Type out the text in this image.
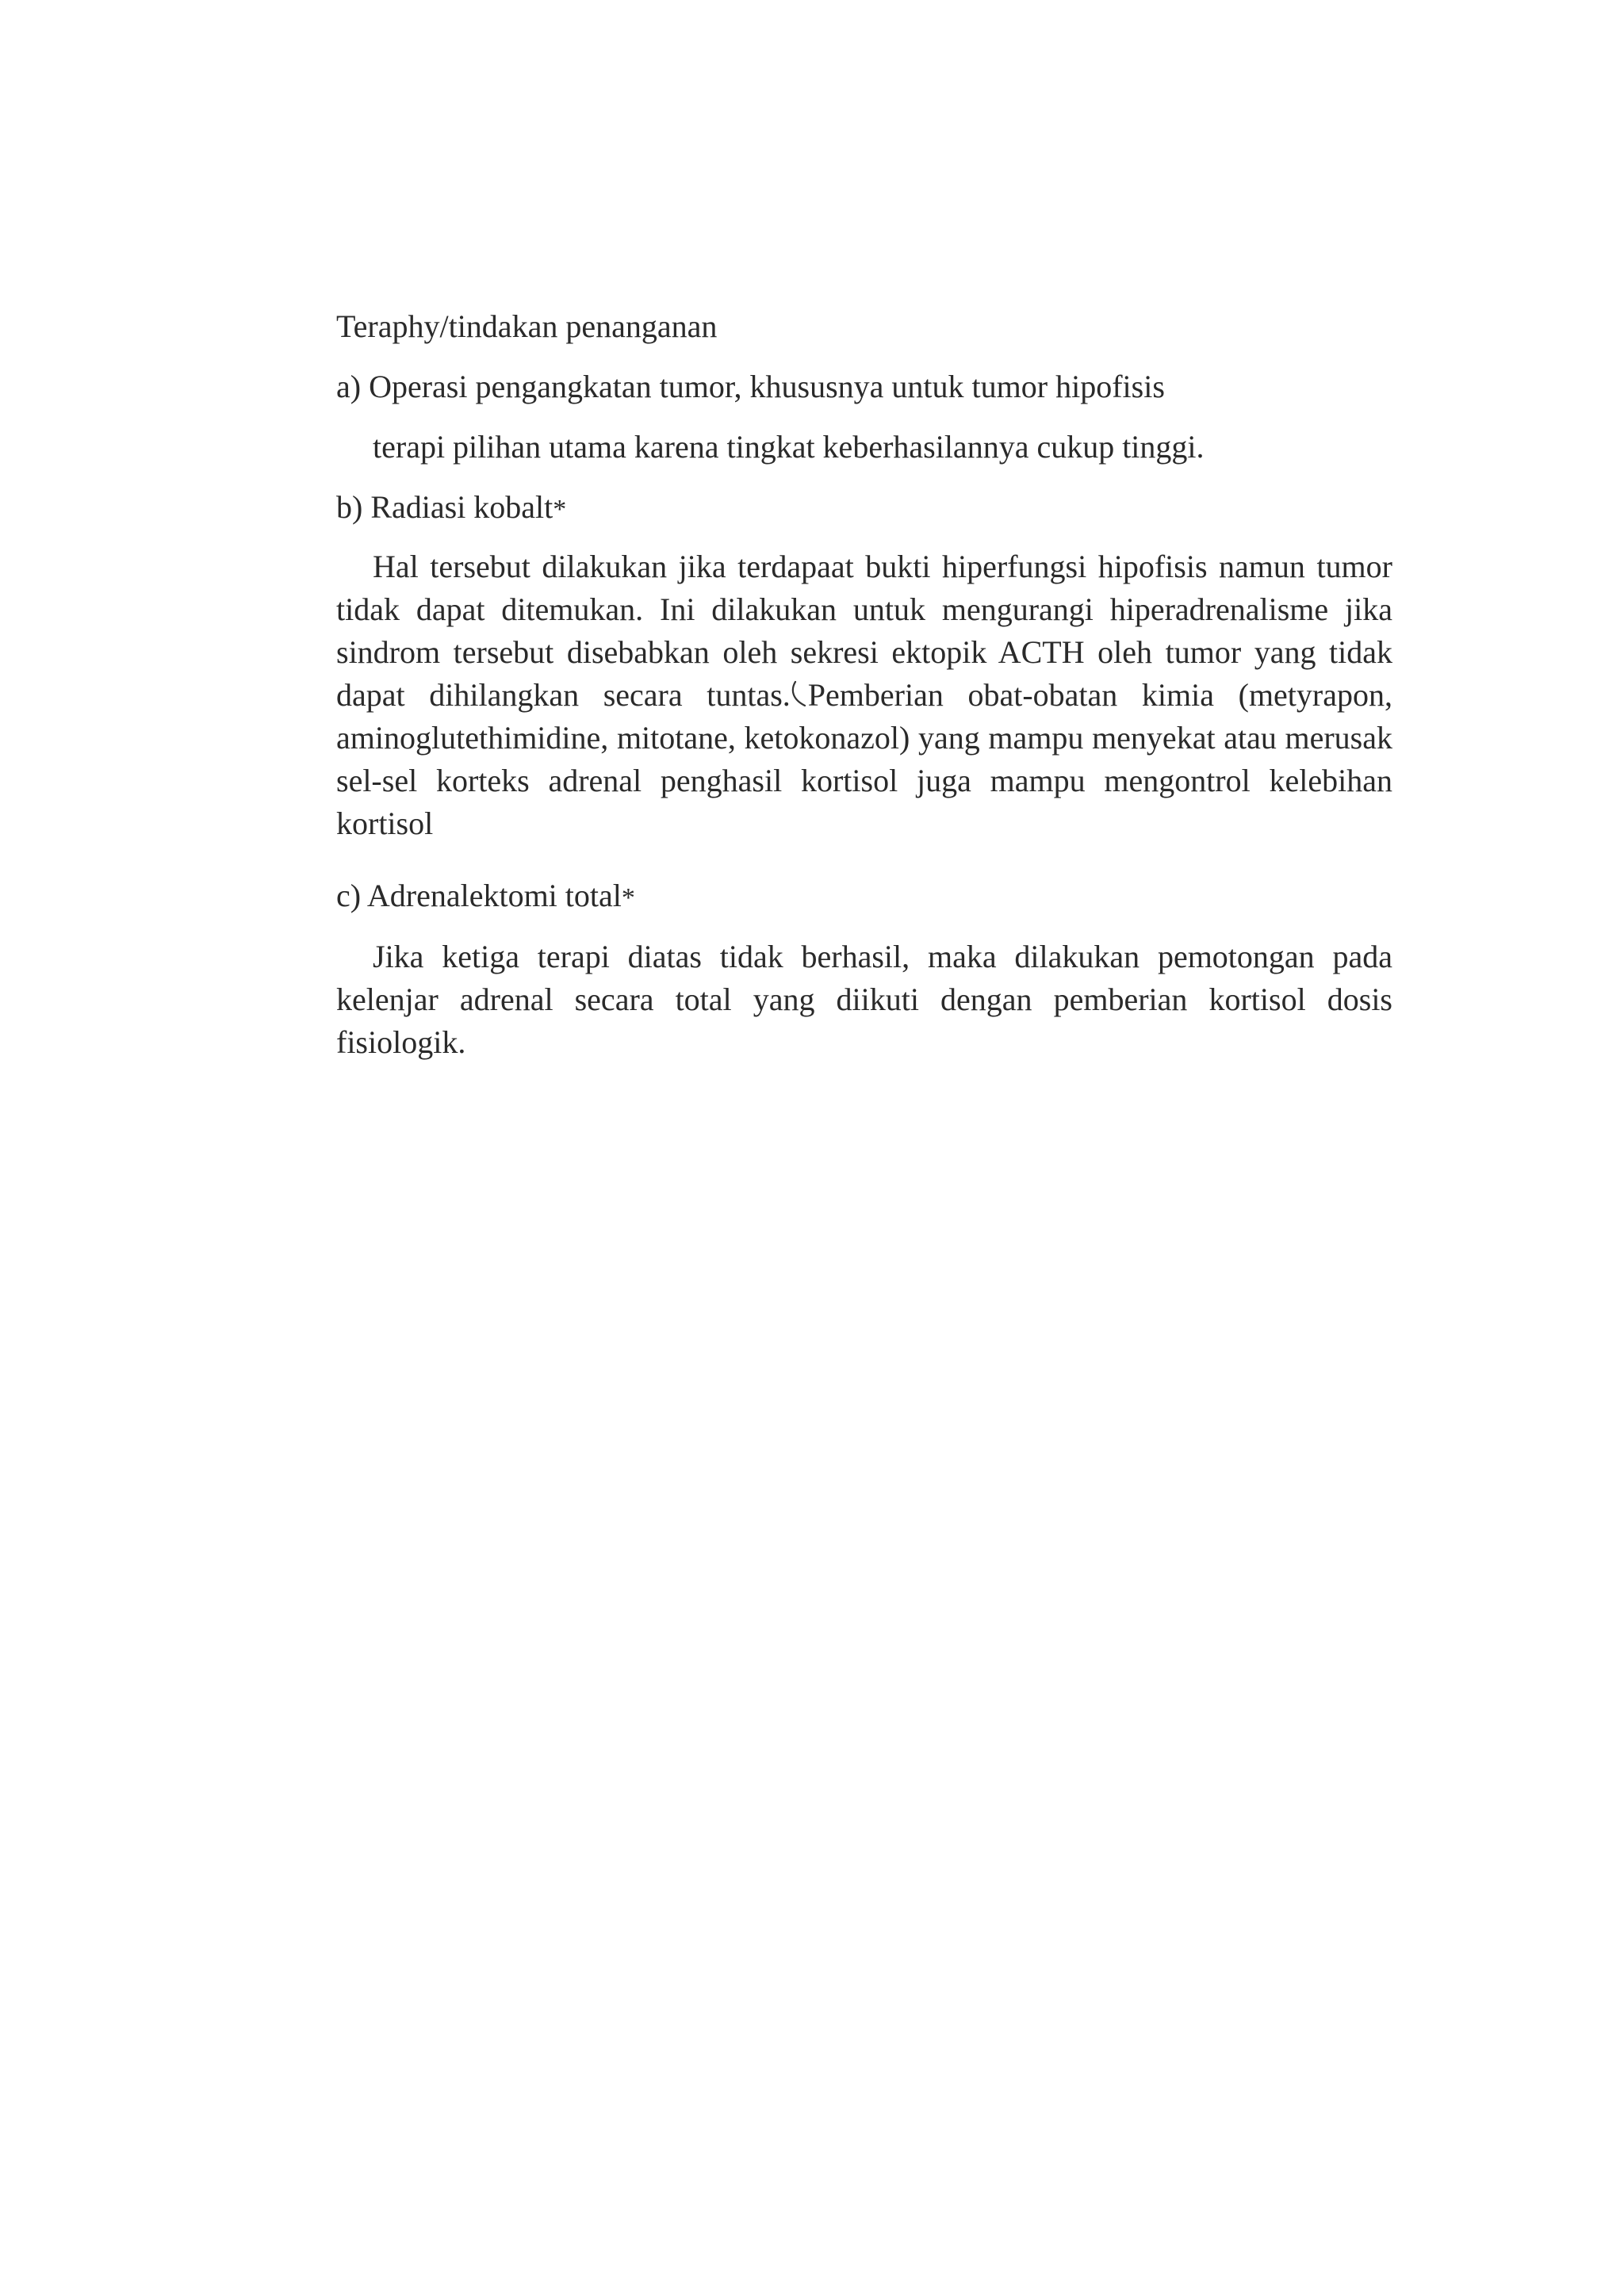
Teraphy/tindakan penanganan

a) Operasi pengangkatan tumor, khususnya untuk tumor hipofisis

terapi pilihan utama karena tingkat keberhasilannya cukup tinggi.

b) Radiasi kobalt*

Hal tersebut dilakukan jika terdapaat bukti hiperfungsi hipofisis namun tumor tidak dapat ditemukan. Ini dilakukan untuk mengurangi hiperadrenalisme jika sindrom tersebut disebabkan oleh sekresi ektopik ACTH oleh tumor yang tidak dapat dihilangkan secara tuntas. Pemberian obat-obatan kimia (metyrapon, aminoglutethimidine, mitotane, ketokonazol) yang mampu menyekat atau merusak sel-sel korteks adrenal penghasil kortisol juga mampu mengontrol kelebihan kortisol

c) Adrenalektomi total*

Jika ketiga terapi diatas tidak berhasil, maka dilakukan pemotongan pada kelenjar adrenal secara total yang diikuti dengan pemberian kortisol dosis fisiologik.
